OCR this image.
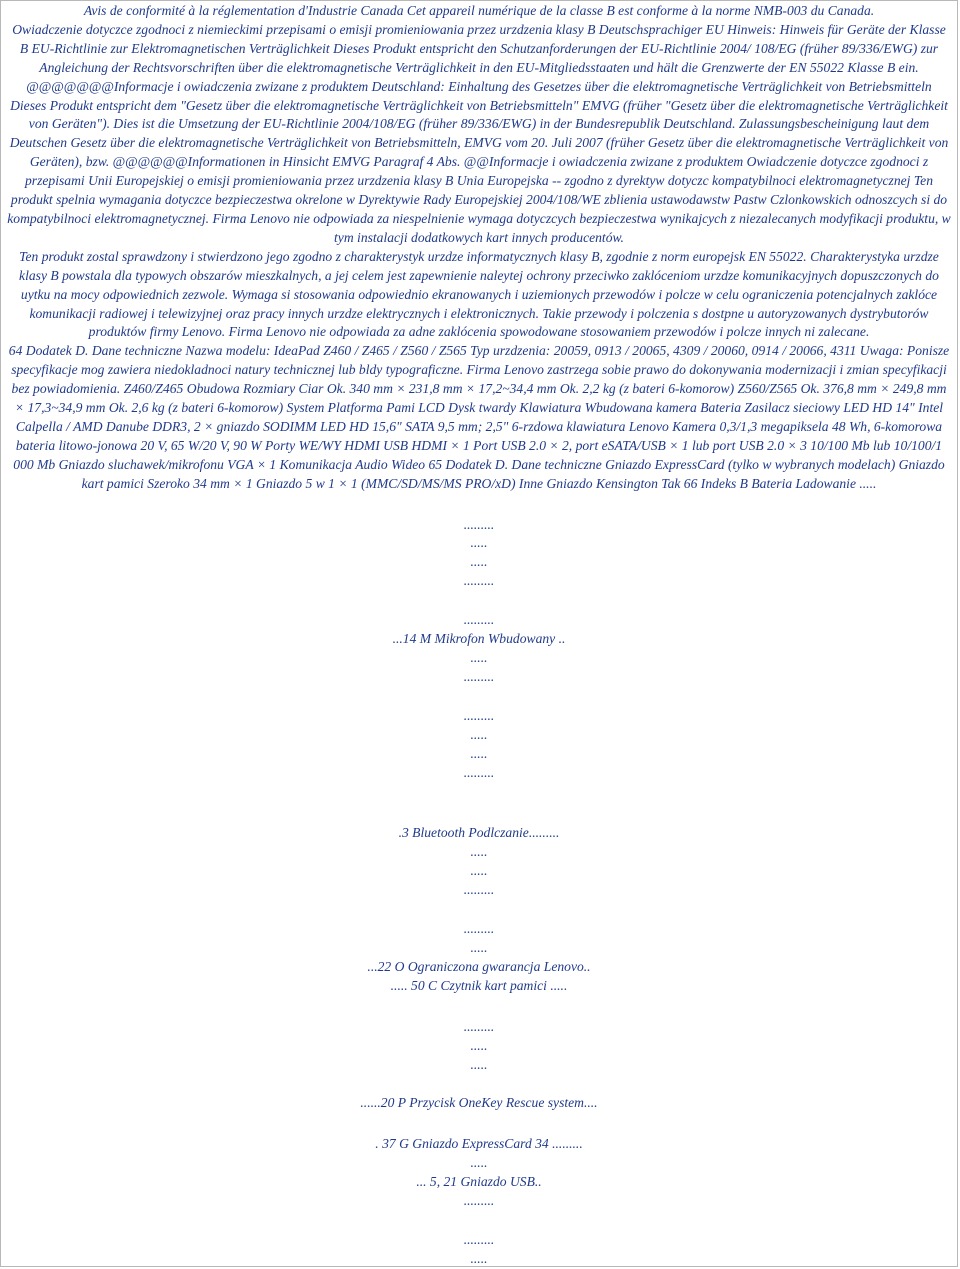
Avis de conformité à la réglementation d'Industrie Canada Cet appareil numérique de la classe B est conforme à la norme NMB-003 du Canada.

Owiadczenie dotyczce zgodnoci z niemieckimi przepisami o emisji promieniowania przez urzdzenia klasy B Deutschsprachiger EU Hinweis: Hinweis für Geräte der Klasse B EU-Richtlinie zur Elektromagnetischen Verträglichkeit Dieses Produkt entspricht den Schutzanforderungen der EU-Richtlinie 2004/ 108/EG (früher 89/336/EWG) zur Angleichung der Rechtsvorschriften über die elektromagnetische Verträglichkeit in den EU-Mitgliedsstaaten und hält die Grenzwerte der EN 55022 Klasse B ein. @@@@@@@Informacje i owiadczenia zwizane z produktem Deutschland: Einhaltung des Gesetzes über die elektromagnetische Verträglichkeit von Betriebsmitteln Dieses Produkt entspricht dem "Gesetz über die elektromagnetische Verträglichkeit von Betriebsmitteln" EMVG (früher "Gesetz über die elektromagnetische Verträglichkeit von Geräten"). Dies ist die Umsetzung der EU-Richtlinie 2004/108/EG (früher 89/336/EWG) in der Bundesrepublik Deutschland. Zulassungsbescheinigung laut dem Deutschen Gesetz über die elektromagnetische Verträglichkeit von Betriebsmitteln, EMVG vom 20. Juli 2007 (früher Gesetz über die elektromagnetische Verträglichkeit von Geräten), bzw. @@@@@@Informationen in Hinsicht EMVG Paragraf 4 Abs. @@Informacje i owiadczenia zwizane z produktem Owiadczenie dotyczce zgodnoci z przepisami Unii Europejskiej o emisji promieniowania przez urzdzenia klasy B Unia Europejska -- zgodno z dyrektyw dotyczc kompatybilnoci elektromagnetycznej Ten produkt spelnia wymagania dotyczce bezpieczestwa okrelone w Dyrektywie Rady Europejskiej 2004/108/WE zblienia ustawodawstw Pastw Czlonkowskich odnoszcych si do kompatybilnoci elektromagnetycznej. Firma Lenovo nie odpowiada za niespelnienie wymaga dotyczcych bezpieczestwa wynikajcych z niezalecanych modyfikacji produktu, w tym instalacji dodatkowych kart innych producentów.

Ten produkt zostal sprawdzony i stwierdzono jego zgodno z charakterystyk urzdze informatycznych klasy B, zgodnie z norm europejsk EN 55022. Charakterystyka urzdze klasy B powstala dla typowych obszarów mieszkalnych, a jej celem jest zapewnienie naleytej ochrony przeciwko zaklóceniom urzdze komunikacyjnych dopuszczonych do uytku na mocy odpowiednich zezwole. Wymaga si stosowania odpowiednio ekranowanych i uziemionych przewodów i polcze w celu ograniczenia potencjalnych zaklóce komunikacji radiowej i telewizyjnej oraz pracy innych urzdze elektrycznych i elektronicznych. Takie przewody i polczenia s dostpne u autoryzowanych dystrybutorów produktów firmy Lenovo. Firma Lenovo nie odpowiada za adne zaklócenia spowodowane stosowaniem przewodów i polcze innych ni zalecane.

64 Dodatek D. Dane techniczne Nazwa modelu: IdeaPad Z460 / Z465 / Z560 / Z565 Typ urzdzenia: 20059, 0913 / 20065, 4309 / 20060, 0914 / 20066, 4311 Uwaga: Ponisze specyfikacje mog zawiera niedokladnoci natury technicznej lub bldy typograficzne. Firma Lenovo zastrzega sobie prawo do dokonywania modernizacji i zmian specyfikacji bez powiadomienia. Z460/Z465 Obudowa Rozmiary Ciar Ok. 340 mm × 231,8 mm × 17,2~34,4 mm Ok. 2,2 kg (z bateri 6-komorow) Z560/Z565 Ok. 376,8 mm × 249,8 mm × 17,3~34,9 mm Ok. 2,6 kg (z bateri 6-komorow) System Platforma Pami LCD Dysk twardy Klawiatura Wbudowana kamera Bateria Zasilacz sieciowy LED HD 14" Intel Calpella / AMD Danube DDR3, 2 × gniazdo SODIMM LED HD 15,6" SATA 9,5 mm; 2,5" 6-rzdowa klawiatura Lenovo Kamera 0,3/1,3 megapiksela 48 Wh, 6-komorowa bateria litowo-jonowa 20 V, 65 W/20 V, 90 W Porty WE/WY HDMI USB HDMI × 1 Port USB 2.0 × 2, port eSATA/USB × 1 lub port USB 2.0 × 3 10/100 Mb lub 10/100/1 000 Mb Gniazdo sluchawek/mikrofonu VGA × 1 Komunikacja Audio Wideo 65 Dodatek D. Dane techniczne Gniazdo ExpressCard (tylko w wybranych modelach) Gniazdo kart pamici Szeroko 34 mm × 1 Gniazdo 5 w 1 × 1 (MMC/SD/MS/MS PRO/xD) Inne Gniazdo Kensington Tak 66 Indeks B Bateria Ladowanie .....

.........
.....
.....
.........
.........
...14 M Mikrofon Wbudowany ..
.....
.........
.........
.....
.....
.........
.3 Bluetooth Podlczanie.........
.....
.....
.........
.........
.....
...22 O Ograniczona gwarancja Lenovo..
..... 50 C Czytnik kart pamici .....
.........
.....
.....
......20 P Przycisk OneKey Rescue system....
. 37 G Gniazdo ExpressCard 34 .........
.....
... 5, 21 Gniazdo USB..
.........
.........
.....
